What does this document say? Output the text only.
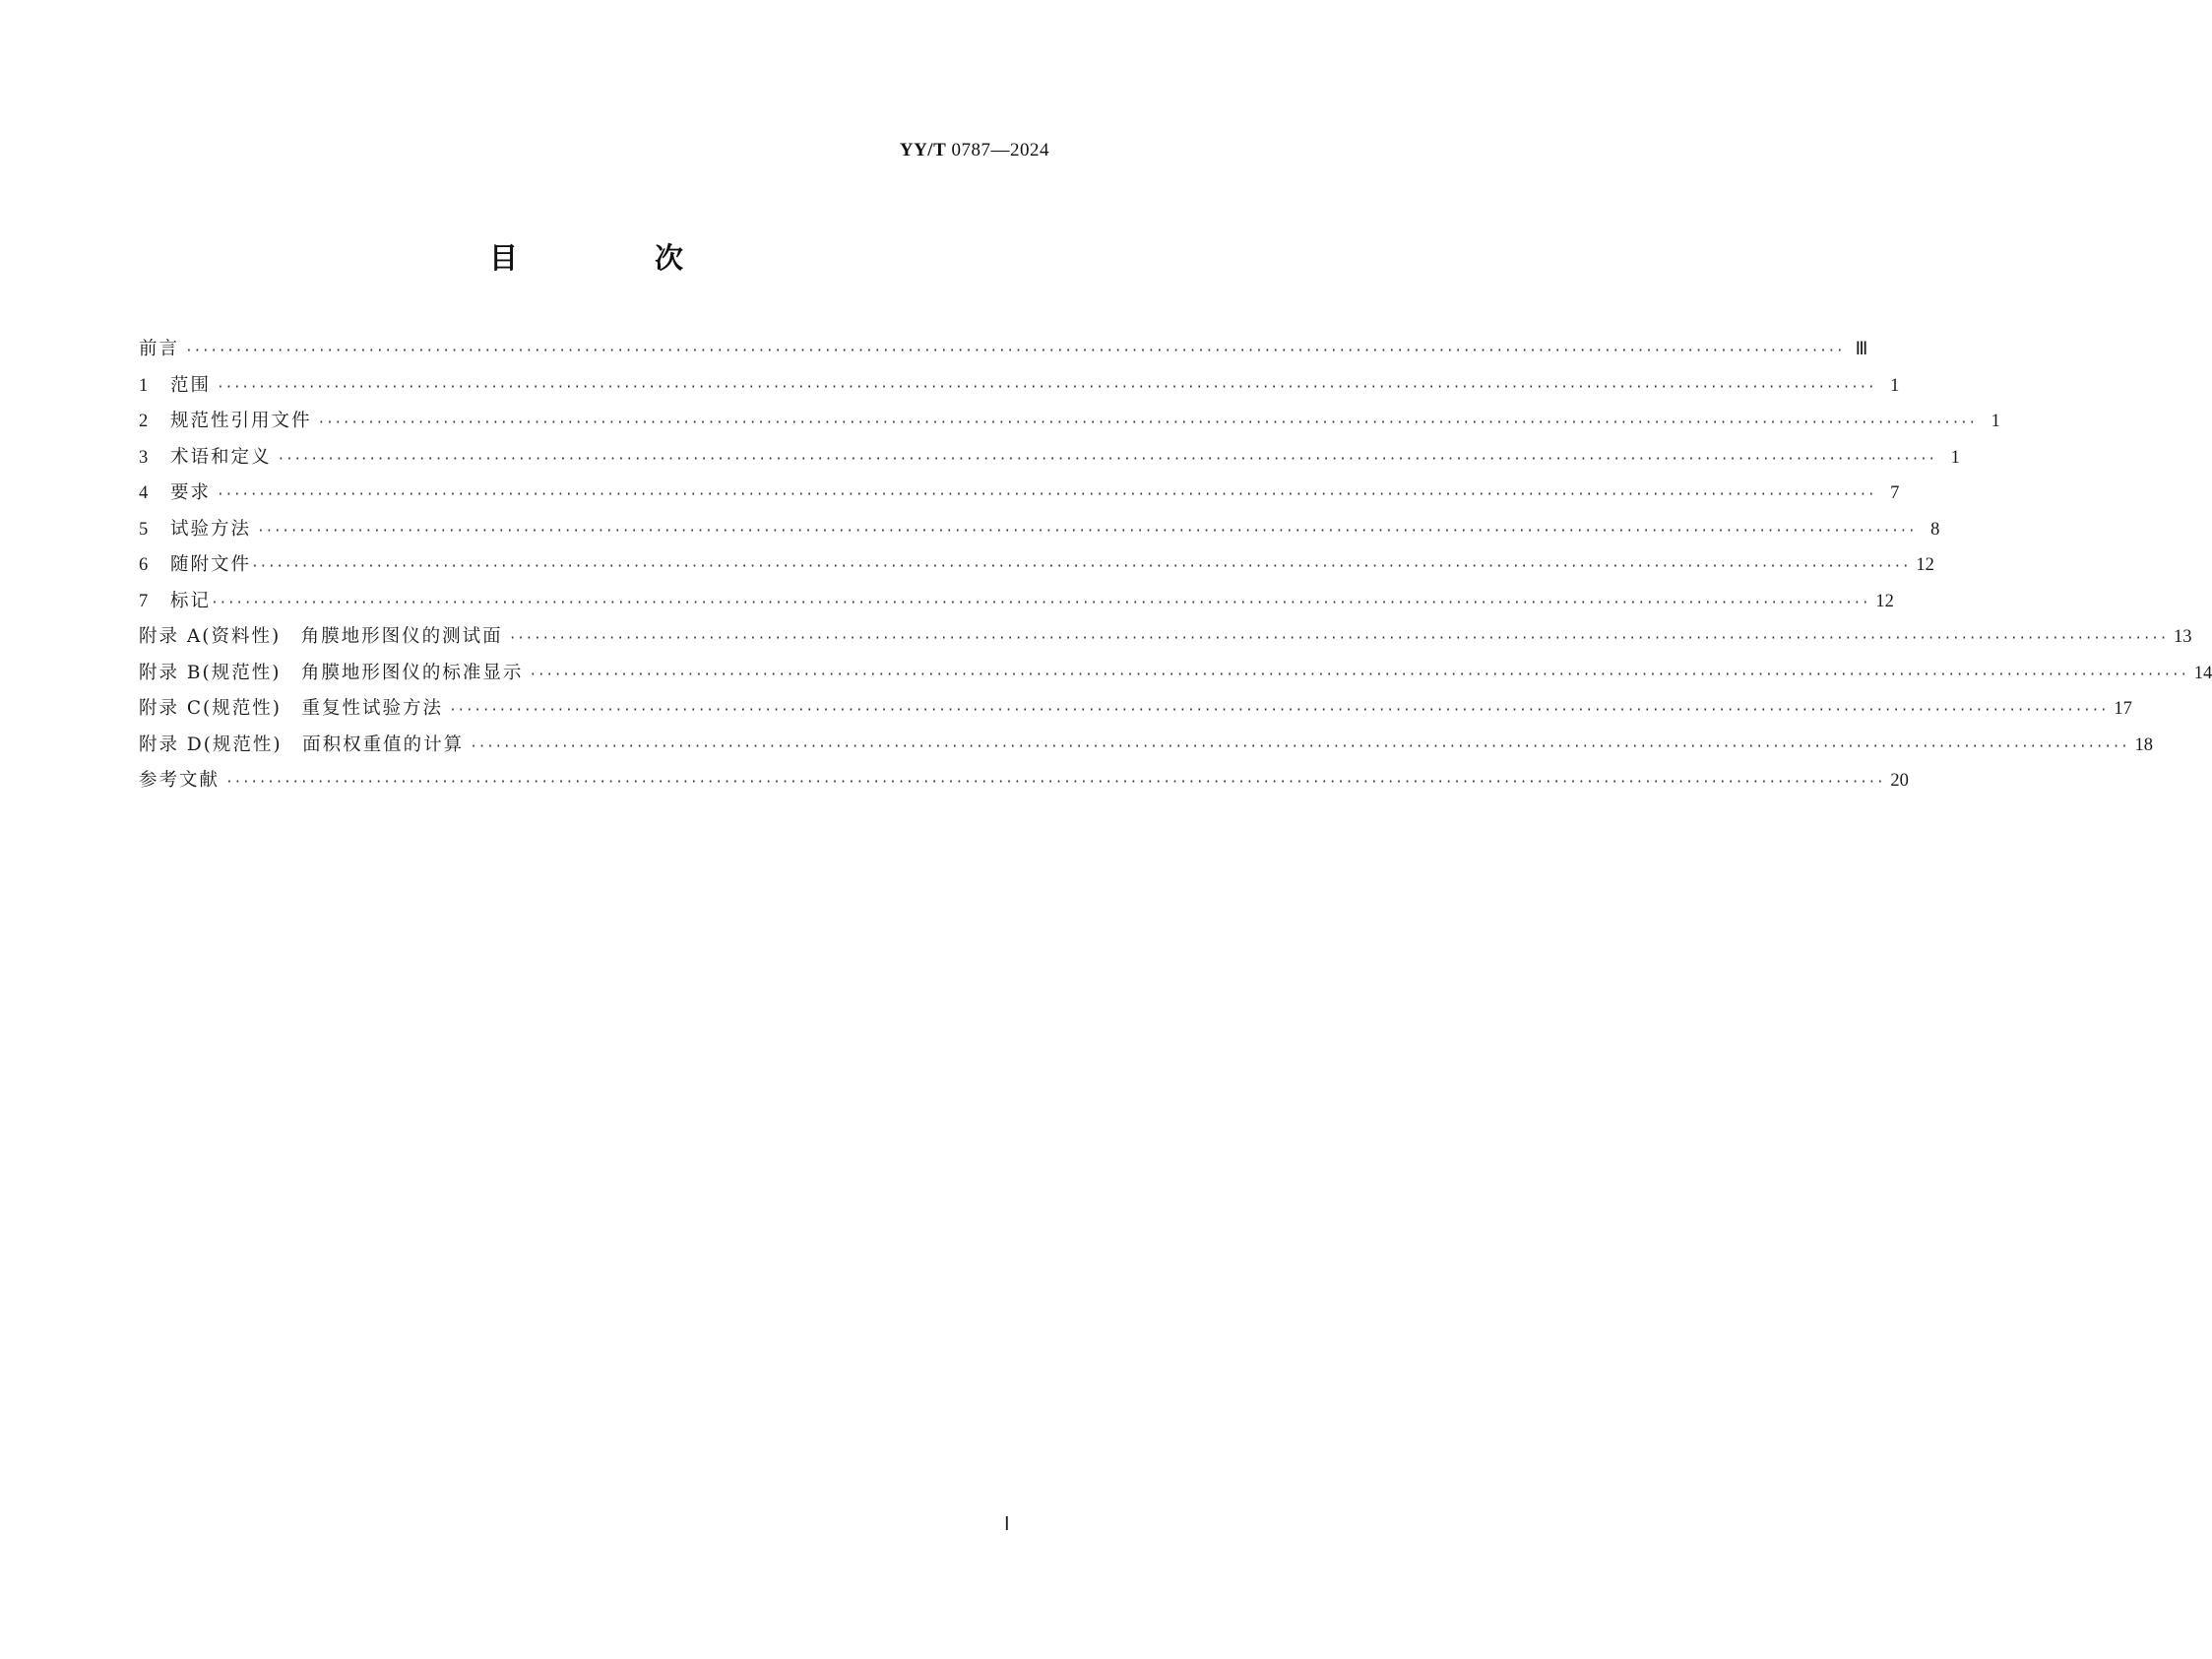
YY/T 0787—2024
目　次
前言 ········································································································································································································ Ⅲ
1 范围 ········································································································································································································ 1
2 规范性引用文件 ········································································································································································································ 1
3 术语和定义 ········································································································································································································ 1
4 要求 ········································································································································································································ 7
5 试验方法 ········································································································································································································ 8
6 随附文件 ········································································································································································································ 12
7 标记 ········································································································································································································ 12
附录 A(资料性)　角膜地形图仪的测试面 ········································································································································································································ 13
附录 B(规范性)　角膜地形图仪的标准显示 ········································································································································································································ 14
附录 C(规范性)　重复性试验方法 ········································································································································································································ 17
附录 D(规范性)　面积权重值的计算 ········································································································································································································ 18
参考文献 ········································································································································································································ 20
Ⅰ
